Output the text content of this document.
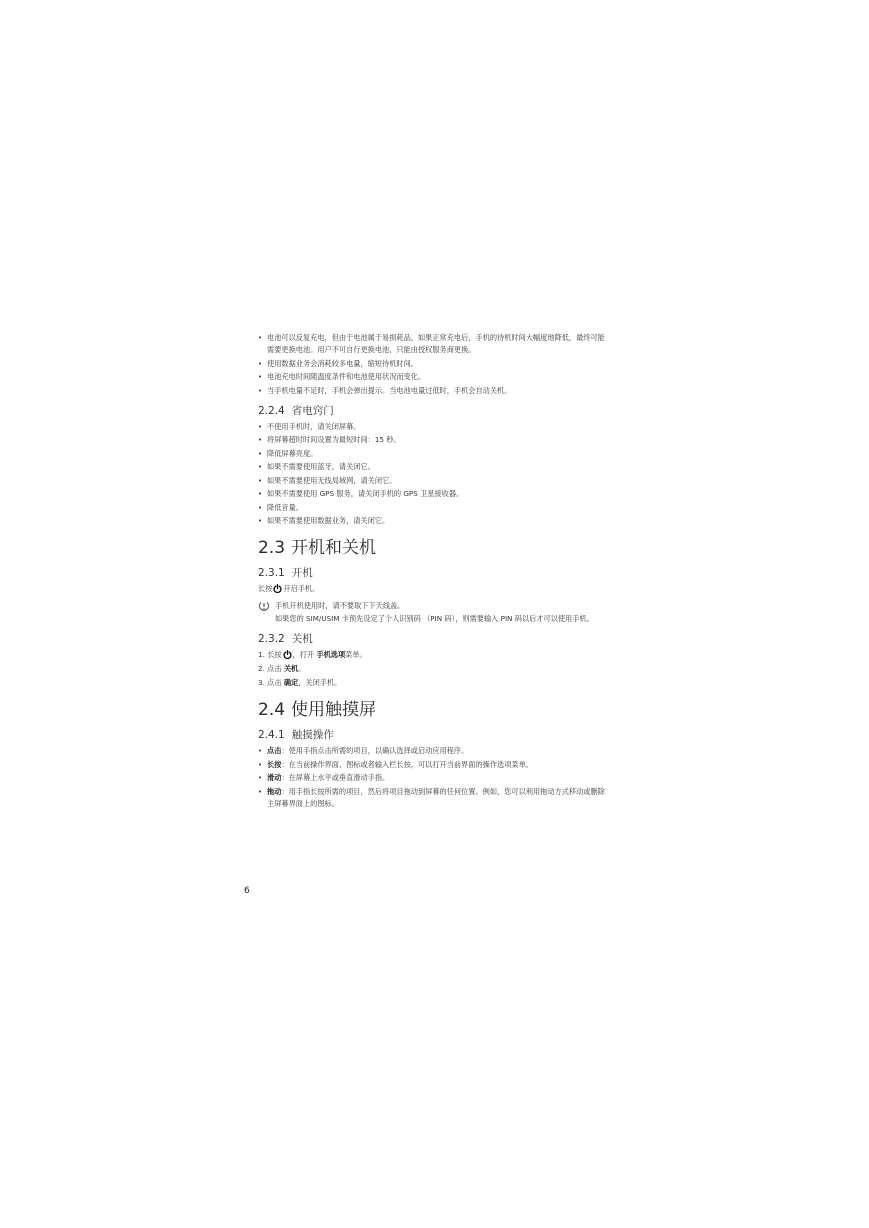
• 电池可以反复充电，但由于电池属于易损耗品，如果正常充电后，手机的待机时间大幅度地降低，最终可能需要更换电池。用户不可自行更换电池，只能由授权服务商更换。
• 使用数据业务会消耗较多电量，缩短待机时间。
• 电池充电时间随温度条件和电池使用状况而变化。
• 当手机电量不足时，手机会弹出提示。当电池电量过低时，手机会自动关机。
2.2.4 省电窍门
• 不使用手机时，请关闭屏幕。
• 将屏幕超时时间设置为最短时间：15 秒。
• 降低屏幕亮度。
• 如果不需要使用蓝牙，请关闭它。
• 如果不需要使用无线局域网，请关闭它。
• 如果不需要使用 GPS 服务，请关闭手机的 GPS 卫星接收器。
• 降低音量。
• 如果不需要使用数据业务，请关闭它。
2.3 开机和关机
2.3.1 开机

长按 开启手机。

手机开机使用时，请不要取下下天线盖。

如果您的 SIM/USIM 卡预先设定了个人识别码 （PIN 码），则需要输入 PIN 码以后才可以使用手机。

2.3.2 关机
1. 长按 ，打开 手机选项菜单。
2. 点击 关机。
3. 点击 确定，关闭手机。
2.4 使用触摸屏
2.4.1 触摸操作
• 点击：使用手指点击所需的项目，以确认选择或启动应用程序。
• 长按：在当前操作界面、图标或者输入栏长按，可以打开当前界面的操作选项菜单。
• 滑动：在屏幕上水平或垂直滑动手指。
• 拖动：用手指长按所需的项目，然后将项目拖动到屏幕的任何位置。例如，您可以利用拖动方式移动或删除主屏幕界面上的图标。
6
